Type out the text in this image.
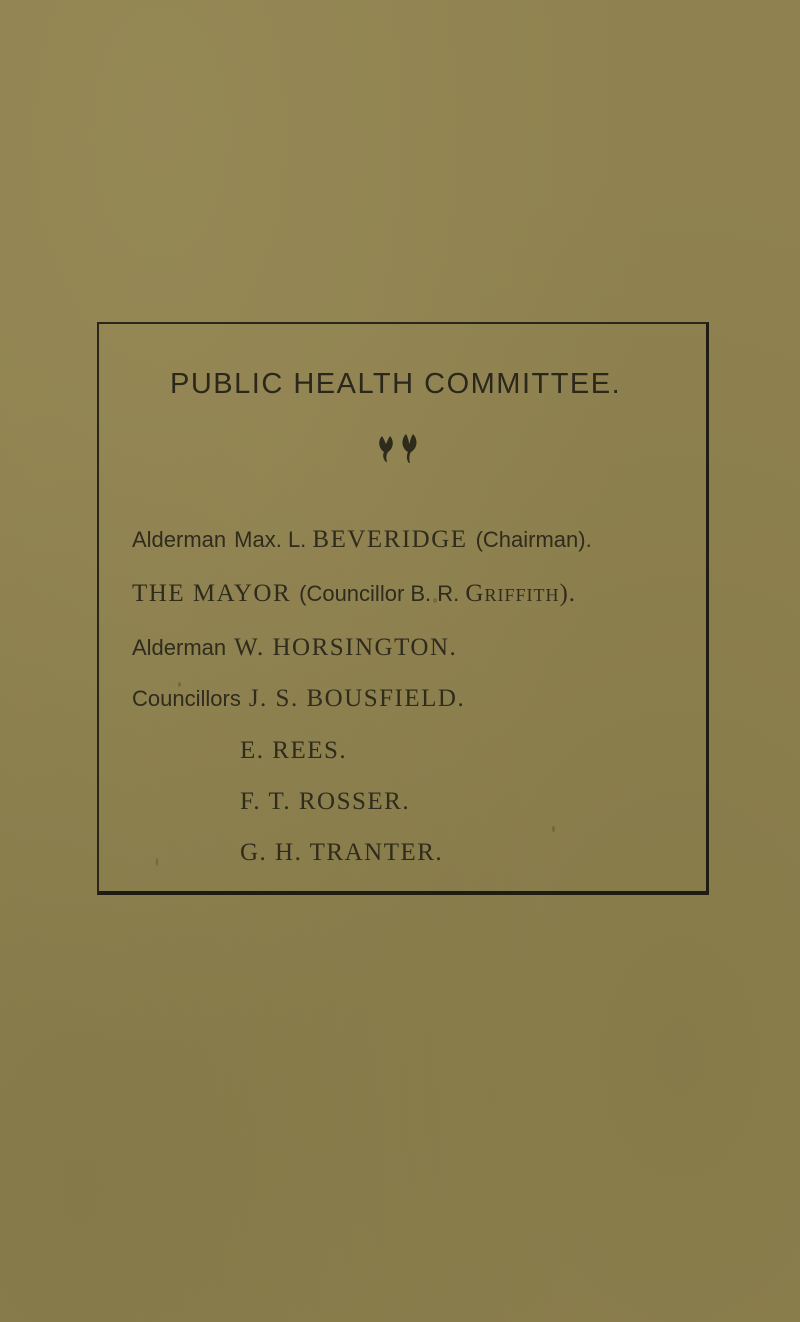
PUBLIC HEALTH COMMITTEE.
Alderman Max. L. BEVERIDGE (Chairman).
THE MAYOR (Councillor B. R. Griffith).
Alderman W. HORSINGTON.
Councillors J. S. BOUSFIELD.
E. REES.
F. T. ROSSER.
G. H. TRANTER.
